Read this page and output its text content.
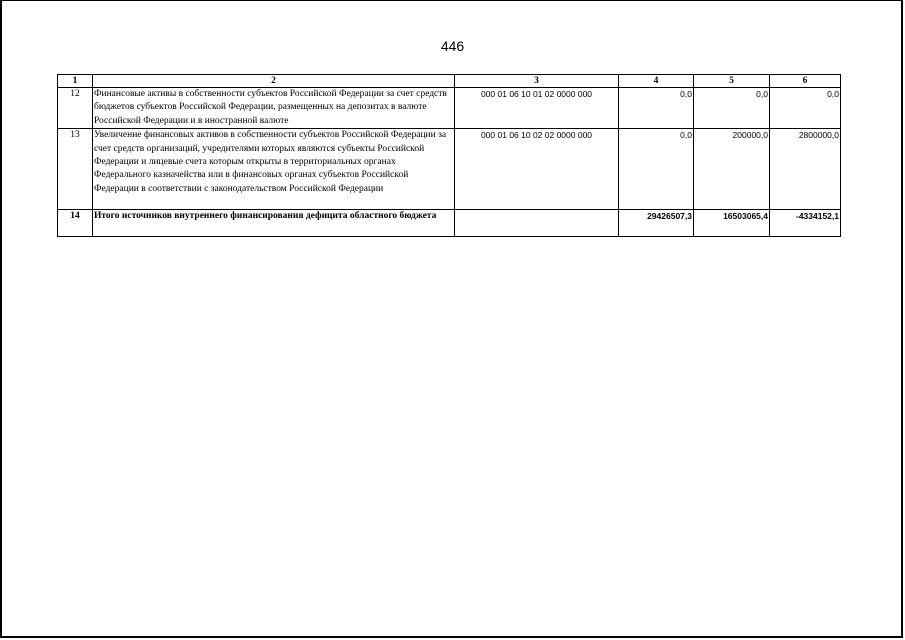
446
1	2	3	4	5	6
12	Финансовые активы в собственности субъектов Российской Федерации за счет средств бюджетов субъектов Российской Федерации, размещенных на депозитах в валюте Российской Федерации и в иностранной валюте	000 01 06 10 01 02 0000 000	0,0	0,0	0,0
13	Увеличение финансовых активов в собственности субъектов Российской Федерации за счет средств организаций, учредителями которых являются субъекты Российской Федерации и лицевые счета которым открыты в территориальных органах Федерального казначейства или в финансовых органах субъектов Российской Федерации в соответствии с законодательством Российской Федерации	000 01 06 10 02 02 0000 000	0,0	200000,0	2800000,0
14	Итого источников внутреннего финансирования дефицита областного бюджета		29426507,3	16503065,4	-4334152,1
